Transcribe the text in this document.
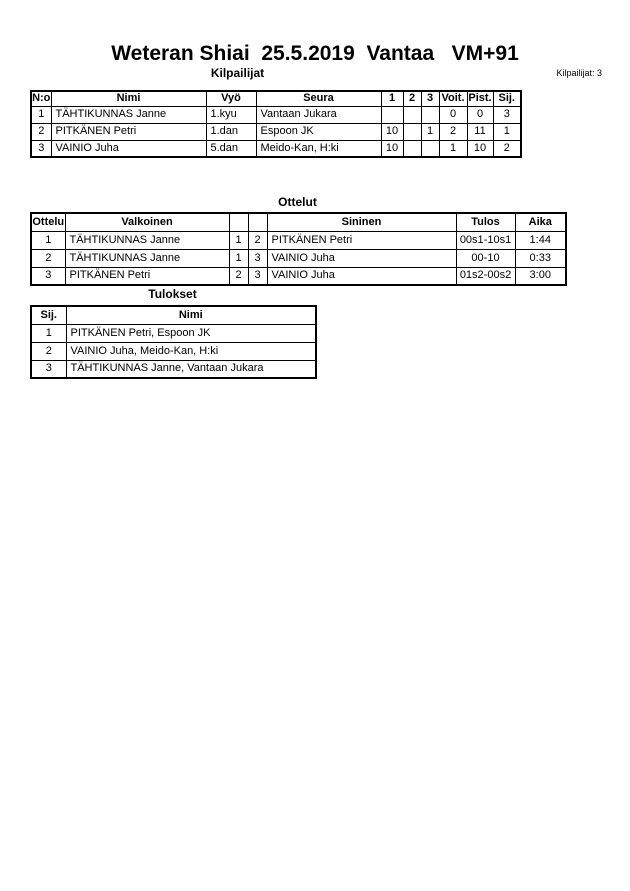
Weteran Shiai  25.5.2019  Vantaa   VM+91
Kilpailijat	Kilpailijat: 3
N:o	Nimi	Vyö	Seura	1	2	3	Voit.	Pist.	Sij.
1	TÄHTIKUNNAS Janne	1.kyu	Vantaan Jukara				0	0	3
2	PITKÄNEN Petri	1.dan	Espoon JK	10		1	2	11	1
3	VAINIO Juha	5.dan	Meido-Kan, H:ki	10			1	10	2
Ottelut
Ottelu	Valkoinen			Sininen	Tulos	Aika
1	TÄHTIKUNNAS Janne	1	2	PITKÄNEN Petri	00s1-10s1	1:44
2	TÄHTIKUNNAS Janne	1	3	VAINIO Juha	00-10	0:33
3	PITKÄNEN Petri	2	3	VAINIO Juha	01s2-00s2	3:00
Tulokset
Sij.	Nimi
1	PITKÄNEN Petri, Espoon JK
2	VAINIO Juha, Meido-Kan, H:ki
3	TÄHTIKUNNAS Janne, Vantaan Jukara
